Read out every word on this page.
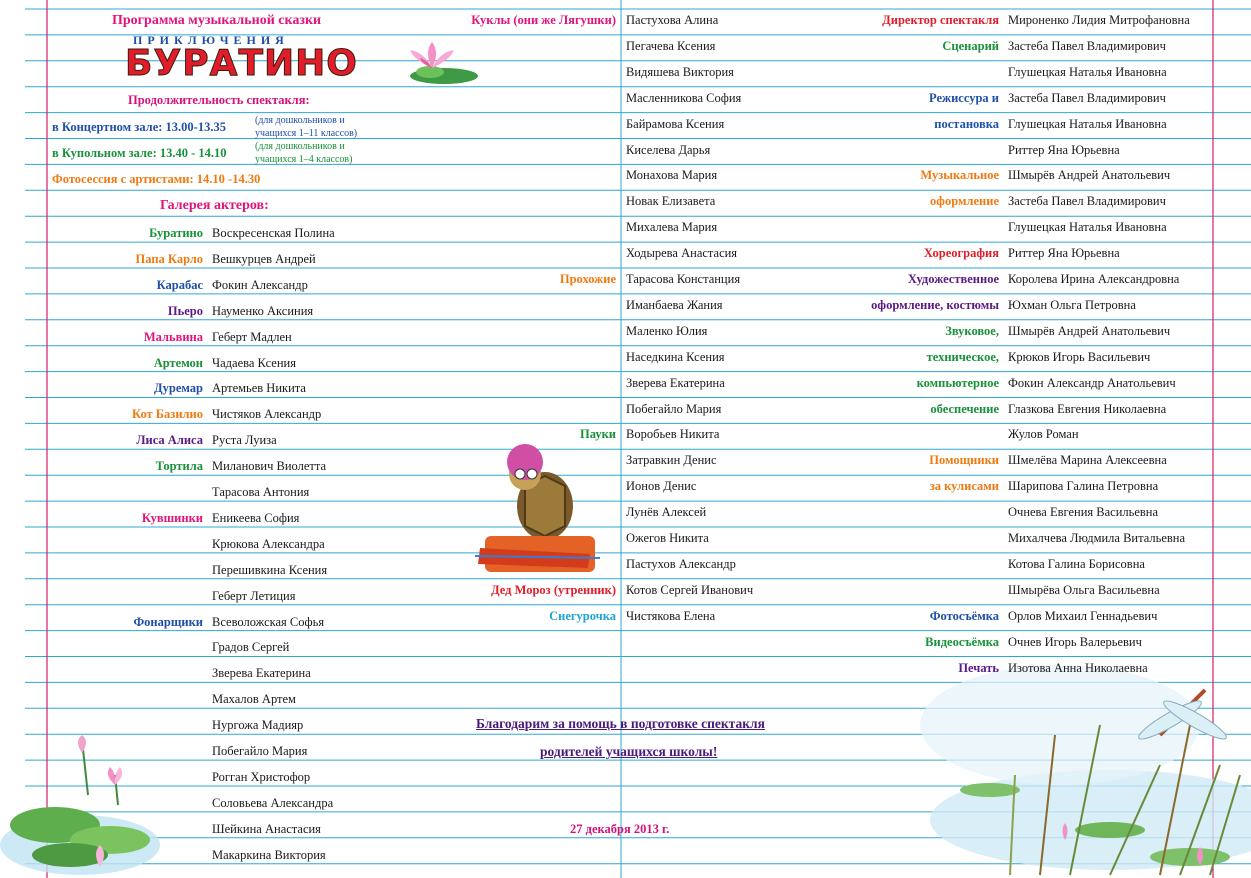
Программа музыкальной сказки
ПРИКЛЮЧЕНИЯ
БУРАТИНО
Продолжительность спектакля:
в Концертном зале: 13.00-13.35	(для дошкольников и
учащихся 1–11 классов)
в Купольном зале: 13.40 - 14.10	(для дошкольников и
учащихся 1–4 классов)
Фотосессия с артистами: 14.10 -14.30
Галерея актеров:
Буратино Воскресенская Полина
Папа Карло Вешкурцев Андрей
Карабас Фокин Александр
Пьеро Науменко Аксиния
Мальвина Геберт Мадлен
Артемон Чадаева Ксения
Дуремар Артемьев Никита
Кот Базилио Чистяков Александр
Лиса Алиса Руста Луиза
Тортила Миланович Виолетта
Тарасова Антония
Кувшинки Еникеева София
Крюкова Александра
Перешивкина Ксения
Геберт Летиция
Фонарщики Всеволожская Софья
Градов Сергей
Зверева Екатерина
Махалов Артем
Нургожа Мадияр
Побегайло Мария
Рогган Христофор
Соловьева Александра
Шейкина Анастасия
Макаркина Виктория
Куклы (они же Лягушки) Пастухова Алина
Пегачева Ксения
Видяшева Виктория
Масленникова София
Байрамова Ксения
Киселева Дарья
Монахова Мария
Новак Елизавета
Михалева Мария
Ходырева Анастасия
Прохожие Тарасова Констанция
Иманбаева Жания
Маленко Юлия
Наседкина Ксения
Зверева Екатерина
Побегайло Мария
Пауки Воробьев Никита
Затравкин Денис
Ионов Денис
Лунёв Алексей
Ожегов Никита
Пастухов Александр
Дед Мороз (утренник) Котов Сергей Иванович
Снегурочка Чистякова Елена
Директор спектакля Мироненко Лидия Митрофановна
Сценарий Застеба Павел Владимирович
Глушецкая Наталья Ивановна
Режиссура и Застеба Павел Владимирович
постановка Глушецкая Наталья Ивановна
Риттер Яна Юрьевна
Музыкальное Шмырёв Андрей Анатольевич
оформление Застеба Павел Владимирович
Глушецкая Наталья Ивановна
Хореография Риттер Яна Юрьевна
Художественное Королева Ирина Александровна
оформление, костюмы Юхман Ольга Петровна
Звуковое, Шмырёв Андрей Анатольевич
техническое, Крюков Игорь Васильевич
компьютерное Фокин Александр Анатольевич
обеспечение Глазкова Евгения Николаевна
Жулов Роман
Помощники Шмелёва Марина Алексеевна
за кулисами Шарипова Галина Петровна
Очнева Евгения Васильевна
Михалчева Людмила Витальевна
Котова Галина Борисовна
Шмырёва Ольга Васильевна
Фотосъёмка Орлов Михаил Геннадьевич
Видеосъёмка Очнев Игорь Валерьевич
Печать Изотова Анна Николаевна
Благодарим за помощь в подготовке спектакля
родителей учащихся школы!
27 декабря 2013 г.
